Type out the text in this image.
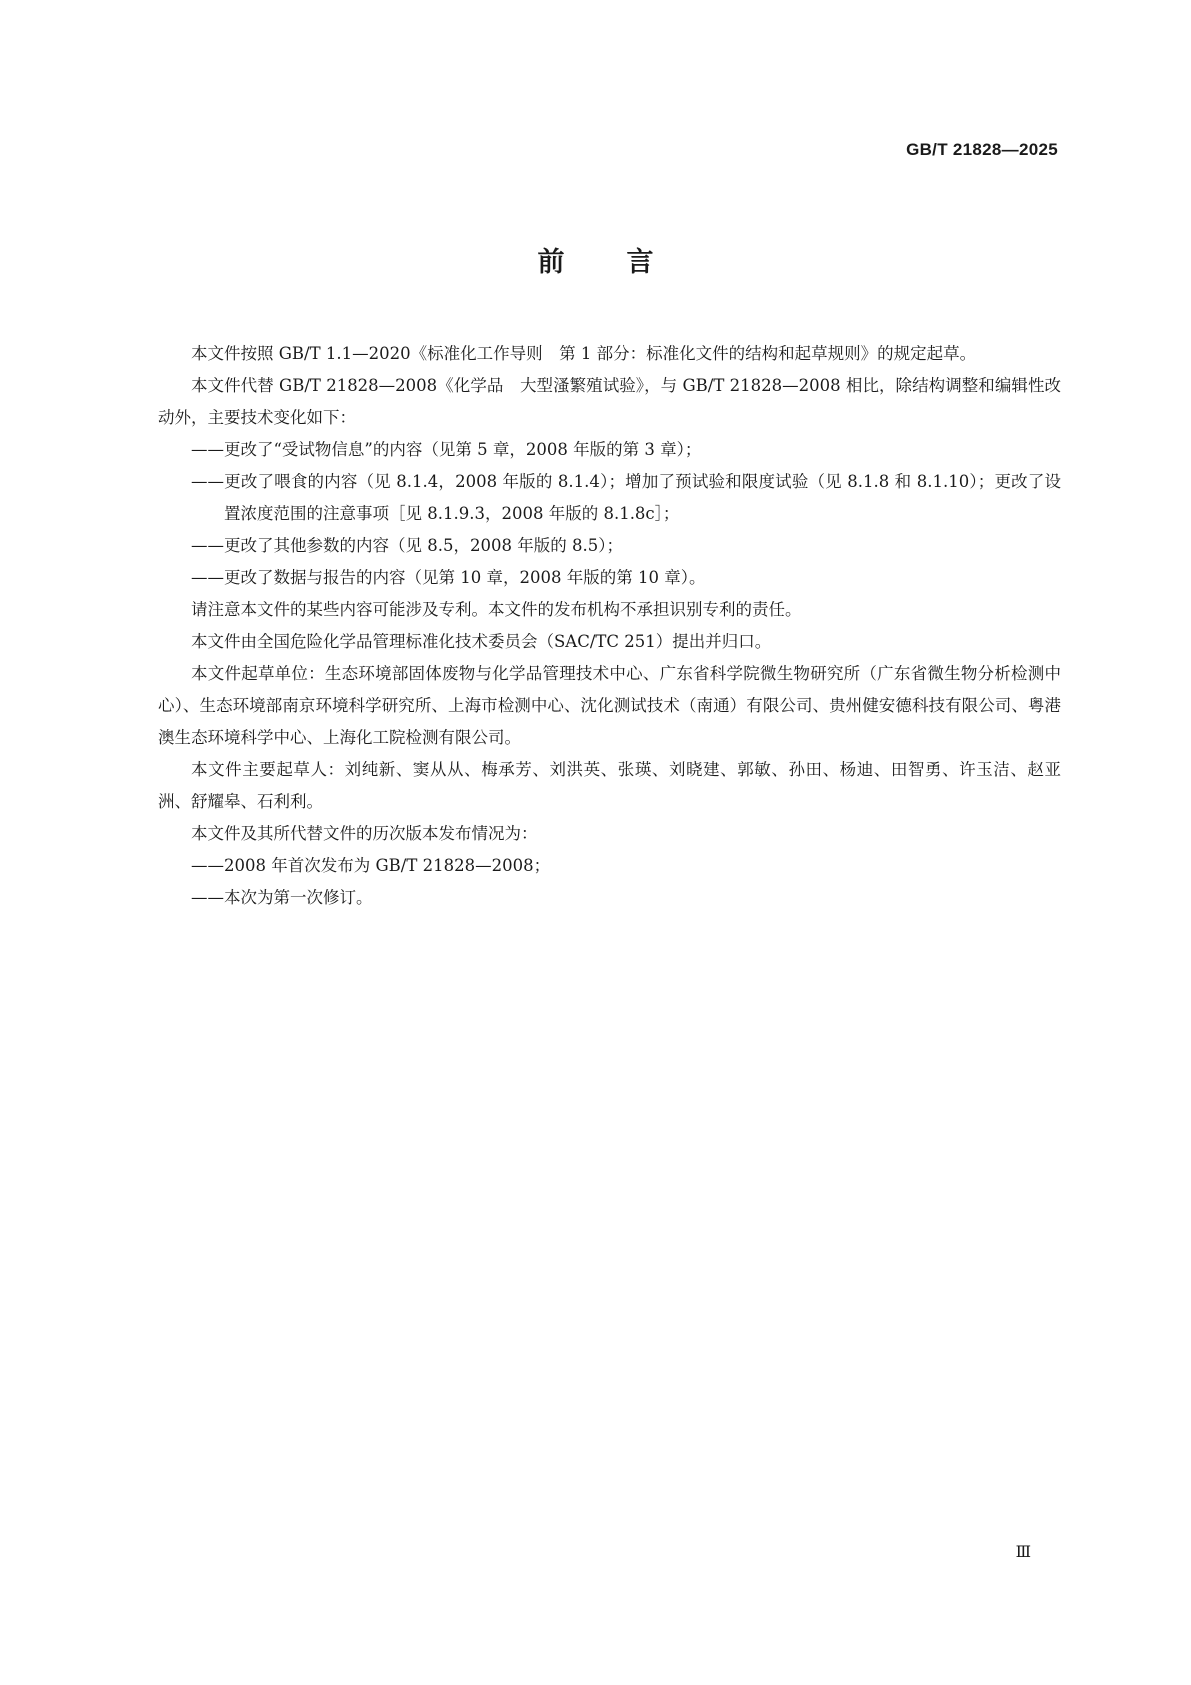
GB/T 21828—2025
前言

本文件按照 GB/T 1.1—2020《标准化工作导则　第 1 部分：标准化文件的结构和起草规则》的规定起草。

本文件代替 GB/T 21828—2008《化学品　大型溞繁殖试验》，与 GB/T 21828—2008 相比，除结构调整和编辑性改动外，主要技术变化如下：

——更改了“受试物信息”的内容（见第 5 章，2008 年版的第 3 章）；

——更改了喂食的内容（见 8.1.4，2008 年版的 8.1.4）；增加了预试验和限度试验（见 8.1.8 和 8.1.10）；更改了设置浓度范围的注意事项［见 8.1.9.3，2008 年版的 8.1.8c］；

——更改了其他参数的内容（见 8.5，2008 年版的 8.5）；

——更改了数据与报告的内容（见第 10 章，2008 年版的第 10 章）。

请注意本文件的某些内容可能涉及专利。本文件的发布机构不承担识别专利的责任。

本文件由全国危险化学品管理标准化技术委员会（SAC/TC 251）提出并归口。

本文件起草单位：生态环境部固体废物与化学品管理技术中心、广东省科学院微生物研究所（广东省微生物分析检测中心）、生态环境部南京环境科学研究所、上海市检测中心、沈化测试技术（南通）有限公司、贵州健安德科技有限公司、粤港澳生态环境科学中心、上海化工院检测有限公司。

本文件主要起草人：刘纯新、窦从从、梅承芳、刘洪英、张瑛、刘晓建、郭敏、孙田、杨迪、田智勇、许玉洁、赵亚洲、舒耀皋、石利利。

本文件及其所代替文件的历次版本发布情况为：

——2008 年首次发布为 GB/T 21828—2008；

——本次为第一次修订。

Ⅲ
